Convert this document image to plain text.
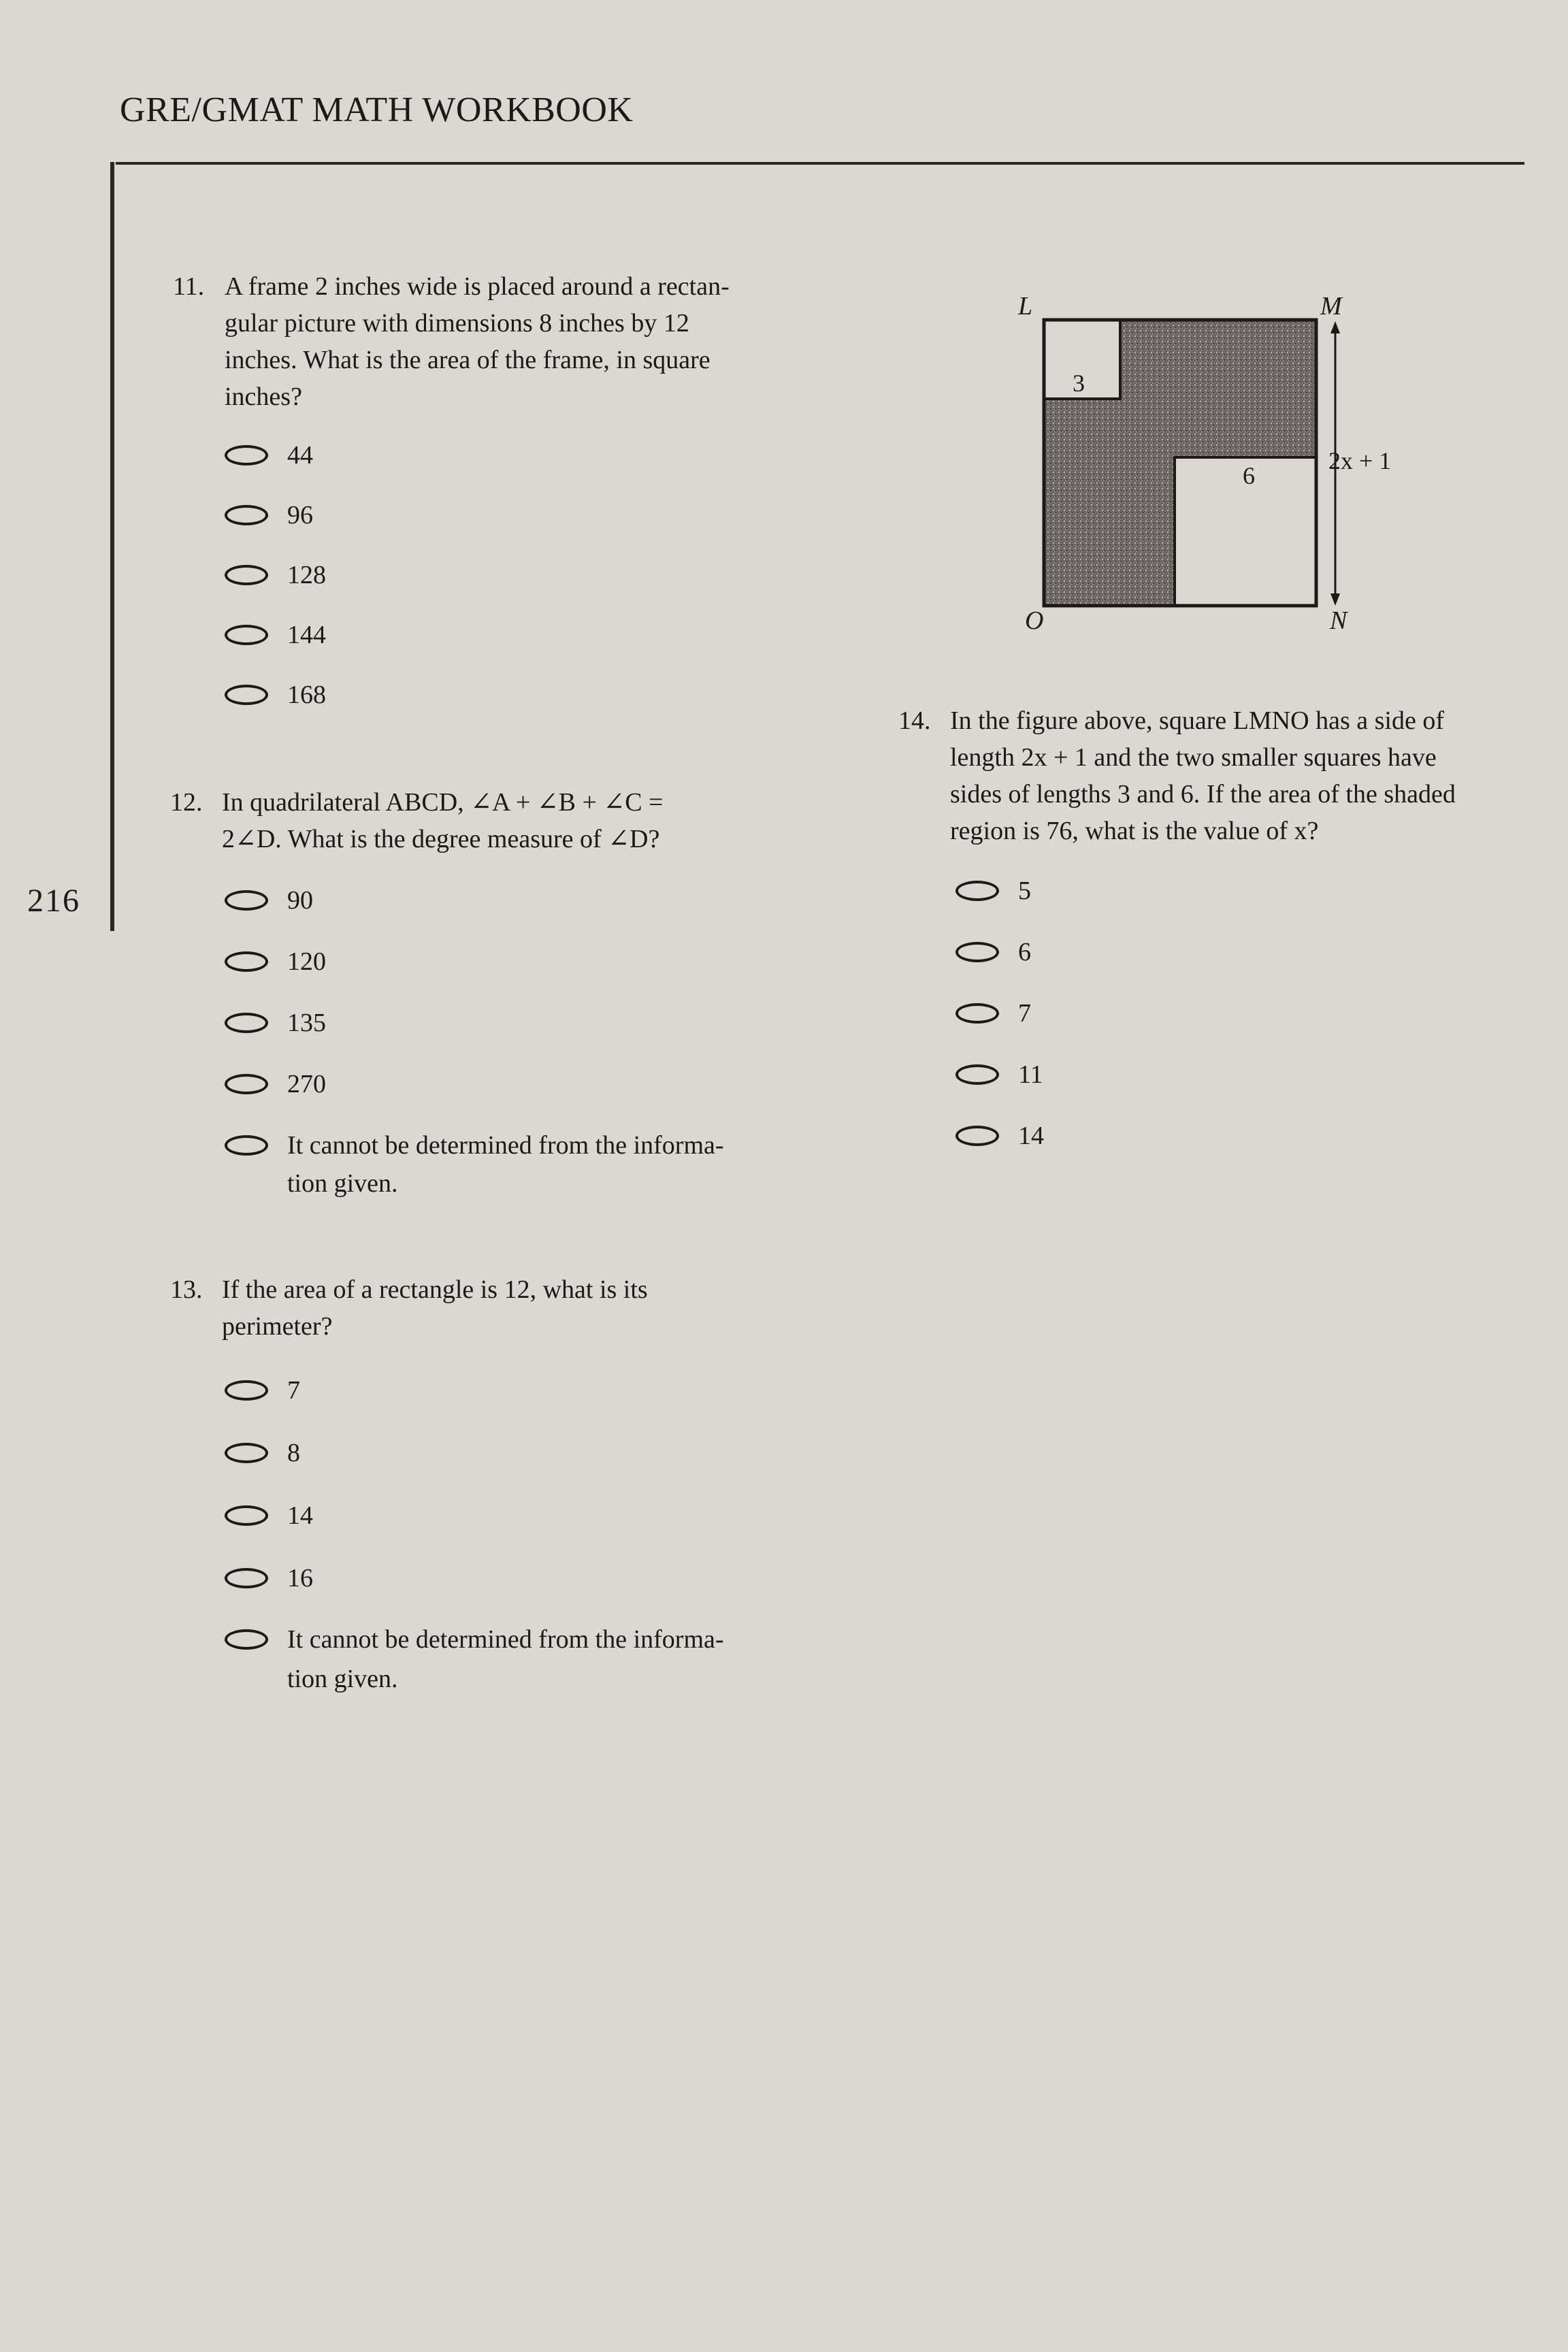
GRE/GMAT MATH WORKBOOK
216
11. A frame 2 inches wide is placed around a rectan-
gular picture with dimensions 8 inches by 12
inches. What is the area of the frame, in square
inches?
44
96
128
144
168
12. In quadrilateral ABCD, ∠A + ∠B + ∠C =
2∠D. What is the degree measure of ∠D?
90
120
135
270
It cannot be determined from the informa-
tion given.
13. If the area of a rectangle is 12, what is its
perimeter?
7
8
14
16
It cannot be determined from the informa-
tion given.
L	M
N
O
3
6
2x + 1
14. In the figure above, square LMNO has a side of
length 2x + 1 and the two smaller squares have
sides of lengths 3 and 6. If the area of the shaded
region is 76, what is the value of x?
5
6
7
11
14
